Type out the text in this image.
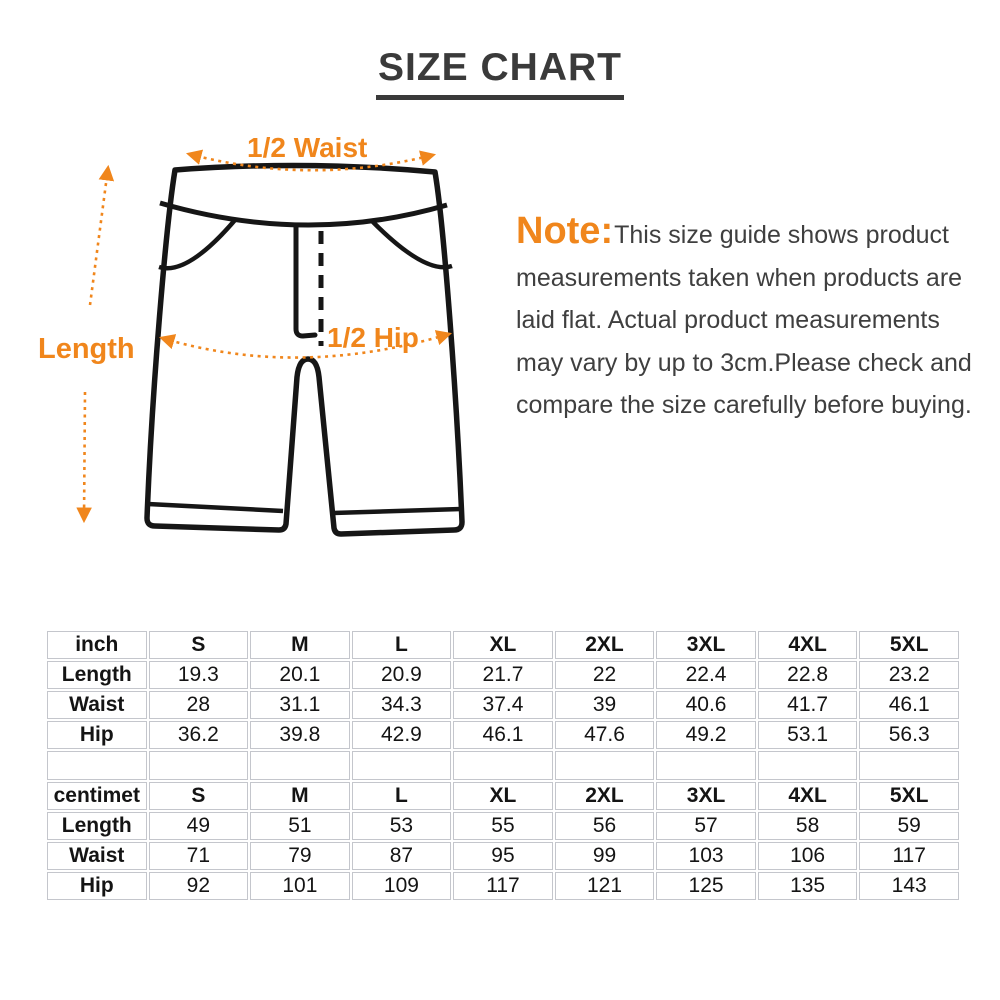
SIZE CHART
1/2 Waist
1/2 Hip
Length
Note:This size guide shows product
measurements taken when products are
laid flat. Actual product measurements
may vary by up to 3cm.Please check and
compare the size carefully before buying.
inch	S	M	L	XL	2XL	3XL	4XL	5XL
Length	19.3	20.1	20.9	21.7	22	22.4	22.8	23.2
Waist	28	31.1	34.3	37.4	39	40.6	41.7	46.1
Hip	36.2	39.8	42.9	46.1	47.6	49.2	53.1	56.3

centimet	S	M	L	XL	2XL	3XL	4XL	5XL
Length	49	51	53	55	56	57	58	59
Waist	71	79	87	95	99	103	106	117
Hip	92	101	109	117	121	125	135	143
